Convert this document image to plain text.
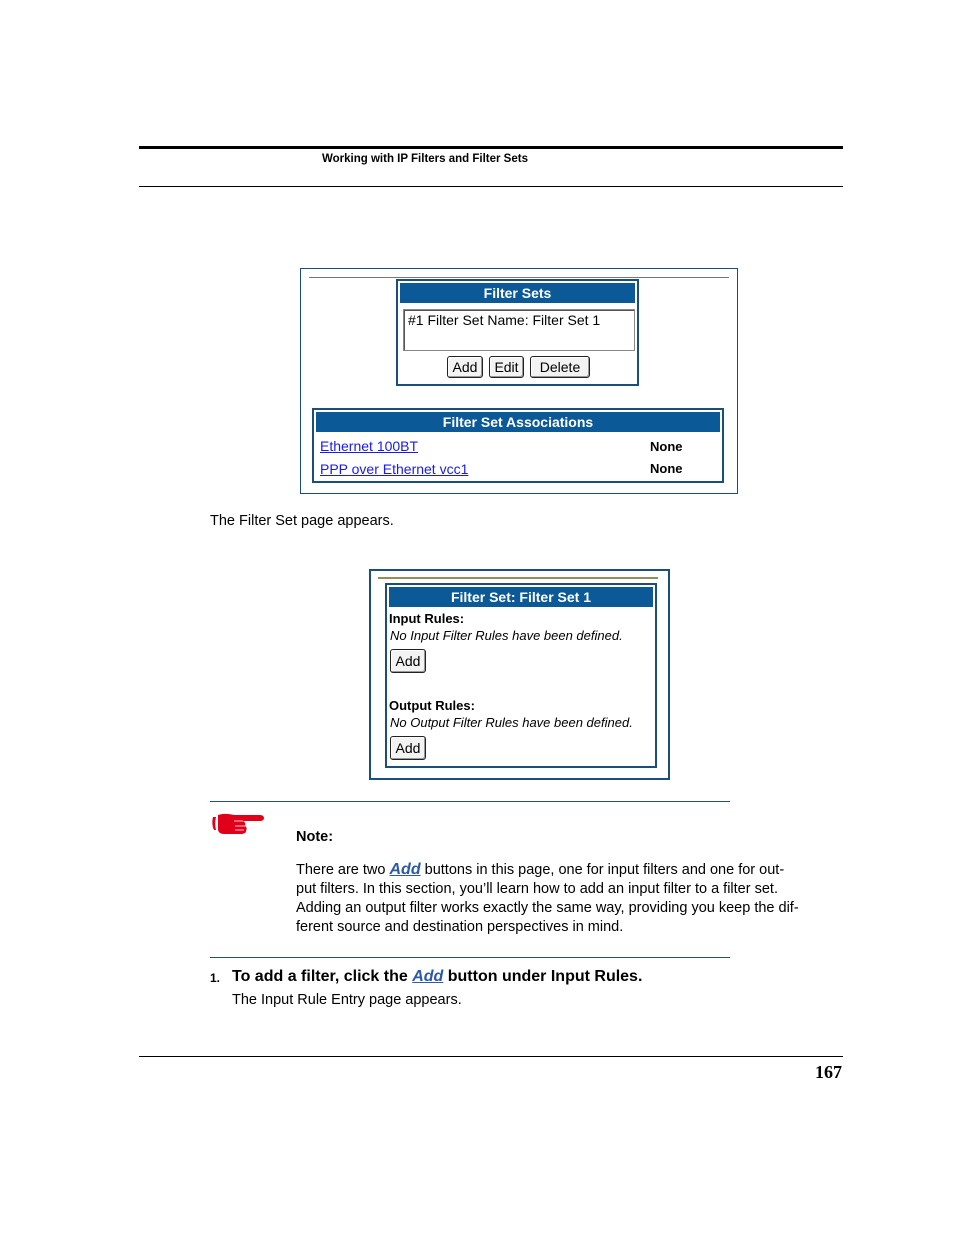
Working with IP Filters and Filter Sets
Filter Sets
#1 Filter Set Name: Filter Set 1
Add	Edit	Delete
Filter Set Associations
Ethernet 100BT	None
PPP over Ethernet vcc1	None
The Filter Set page appears.
Filter Set: Filter Set 1
Input Rules:
No Input Filter Rules have been defined.
Add
Output Rules:
No Output Filter Rules have been defined.
Add
Note:
There are two Add buttons in this page, one for input filters and one for out-
put filters. In this section, you’ll learn how to add an input filter to a filter set.
Adding an output filter works exactly the same way, providing you keep the dif-
ferent source and destination perspectives in mind.
1. To add a filter, click the Add button under Input Rules.
The Input Rule Entry page appears.
167
